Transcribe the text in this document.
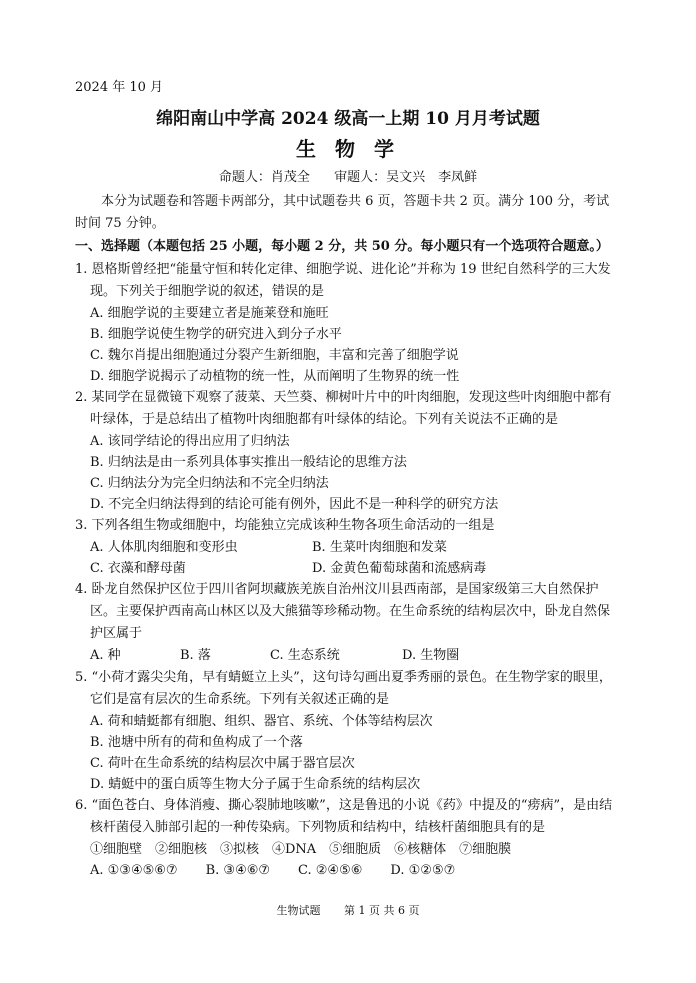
2024 年 10 月
绵阳南山中学高 2024 级高一上期 10 月月考试题
生 物 学
命题人：肖茂全 审题人：吴文兴　李凤鲜
本分为试题卷和答题卡两部分，其中试题卷共 6 页，答题卡共 2 页。满分 100 分，考试时间 75 分钟。
一、选择题（本题包括 25 小题，每小题 2 分，共 50 分。每小题只有一个选项符合题意。）
1. 恩格斯曾经把“能量守恒和转化定律、细胞学说、进化论”并称为 19 世纪自然科学的三大发现。下列关于细胞学说的叙述，错误的是
A. 细胞学说的主要建立者是施莱登和施旺
B. 细胞学说使生物学的研究进入到分子水平
C. 魏尔肖提出细胞通过分裂产生新细胞，丰富和完善了细胞学说
D. 细胞学说揭示了动植物的统一性，从而阐明了生物界的统一性
2. 某同学在显微镜下观察了菠菜、天竺葵、柳树叶片中的叶肉细胞，发现这些叶肉细胞中都有叶绿体，于是总结出了植物叶肉细胞都有叶绿体的结论。下列有关说法不正确的是
A. 该同学结论的得出应用了归纳法
B. 归纳法是由一系列具体事实推出一般结论的思维方法
C. 归纳法分为完全归纳法和不完全归纳法
D. 不完全归纳法得到的结论可能有例外，因此不是一种科学的研究方法
3. 下列各组生物或细胞中，均能独立完成该种生物各项生命活动的一组是
A. 人体肌肉细胞和变形虫	B. 生菜叶肉细胞和发菜
C. 衣藻和酵母菌	D. 金黄色葡萄球菌和流感病毒
4. 卧龙自然保护区位于四川省阿坝藏族羌族自治州汶川县西南部，是国家级第三大自然保护区。主要保护西南高山林区以及大熊猫等珍稀动物。在生命系统的结构层次中，卧龙自然保护区属于
A. 种	B. 落	C. 生态系统	D. 生物圈
5. “小荷才露尖尖角，早有蜻蜓立上头”，这句诗勾画出夏季秀丽的景色。在生物学家的眼里，它们是富有层次的生命系统。下列有关叙述正确的是
A. 荷和蜻蜓都有细胞、组织、器官、系统、个体等结构层次
B. 池塘中所有的荷和鱼构成了一个落
C. 荷叶在生命系统的结构层次中属于器官层次
D. 蜻蜓中的蛋白质等生物大分子属于生命系统的结构层次
6. “面色苍白、身体消瘦、撕心裂肺地咳嗽”，这是鲁迅的小说《药》中提及的“痨病”，是由结核杆菌侵入肺部引起的一种传染病。下列物质和结构中，结核杆菌细胞具有的是
①细胞壁　②细胞核　③拟核　④DNA　⑤细胞质　⑥核糖体　⑦细胞膜
A. ①③④⑤⑥⑦ B. ③④⑥⑦ C. ②④⑤⑥ D. ①②⑤⑦
生物试题 第 1 页 共 6 页
